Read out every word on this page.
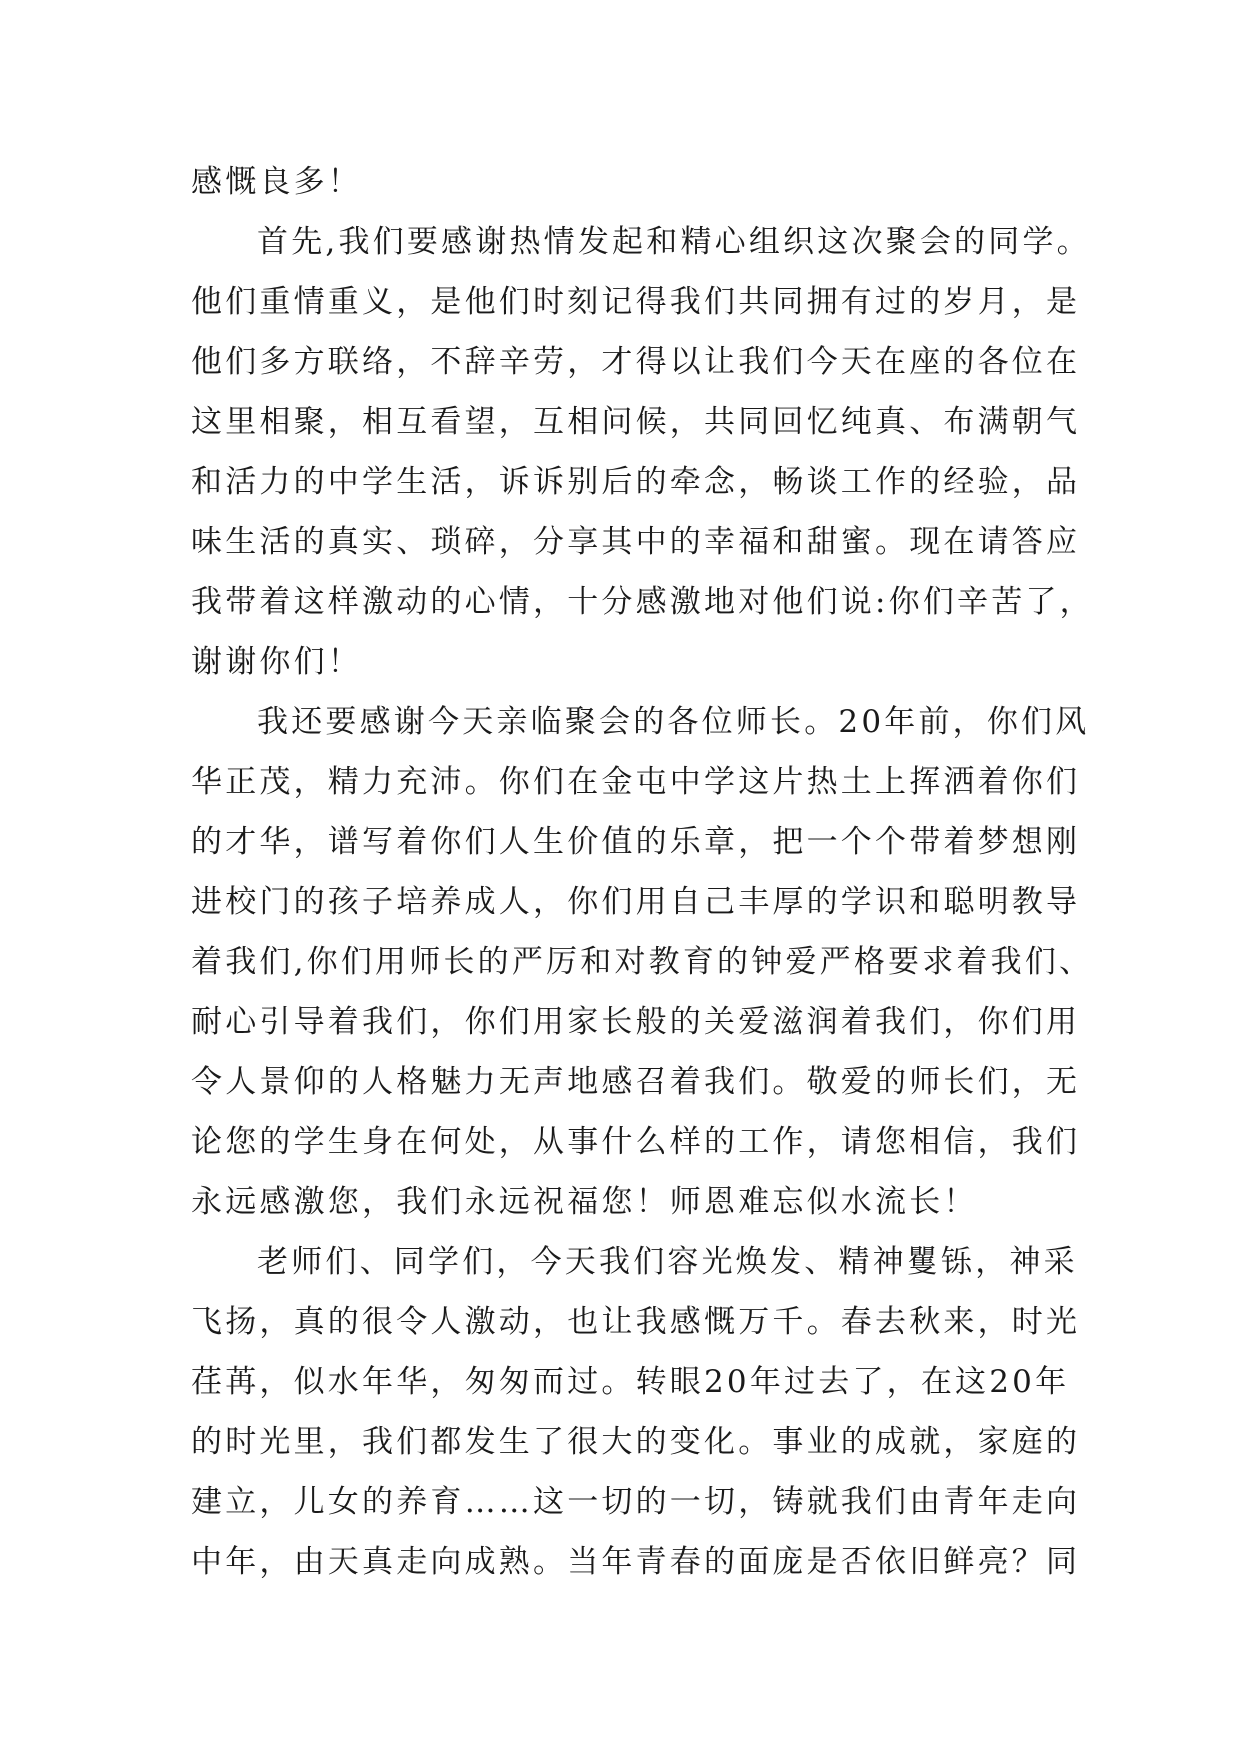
感慨良多！
首先,我们要感谢热情发起和精心组织这次聚会的同学。
他们重情重义，是他们时刻记得我们共同拥有过的岁月，是
他们多方联络，不辞辛劳，才得以让我们今天在座的各位在
这里相聚，相互看望，互相问候，共同回忆纯真、布满朝气
和活力的中学生活，诉诉别后的牵念，畅谈工作的经验，品
味生活的真实、琐碎，分享其中的幸福和甜蜜。现在请答应
我带着这样激动的心情，十分感激地对他们说:你们辛苦了，
谢谢你们！
我还要感谢今天亲临聚会的各位师长。20年前，你们风
华正茂，精力充沛。你们在金屯中学这片热土上挥洒着你们
的才华，谱写着你们人生价值的乐章，把一个个带着梦想刚
进校门的孩子培养成人，你们用自己丰厚的学识和聪明教导
着我们,你们用师长的严厉和对教育的钟爱严格要求着我们、
耐心引导着我们，你们用家长般的关爱滋润着我们，你们用
令人景仰的人格魅力无声地感召着我们。敬爱的师长们，无
论您的学生身在何处，从事什么样的工作，请您相信，我们
永远感激您，我们永远祝福您！师恩难忘似水流长！
老师们、同学们，今天我们容光焕发、精神矍铄，神采
飞扬，真的很令人激动，也让我感慨万千。春去秋来，时光
荏苒，似水年华，匆匆而过。转眼20年过去了，在这20年
的时光里，我们都发生了很大的变化。事业的成就，家庭的
建立，儿女的养育……这一切的一切，铸就我们由青年走向
中年，由天真走向成熟。当年青春的面庞是否依旧鲜亮？同
